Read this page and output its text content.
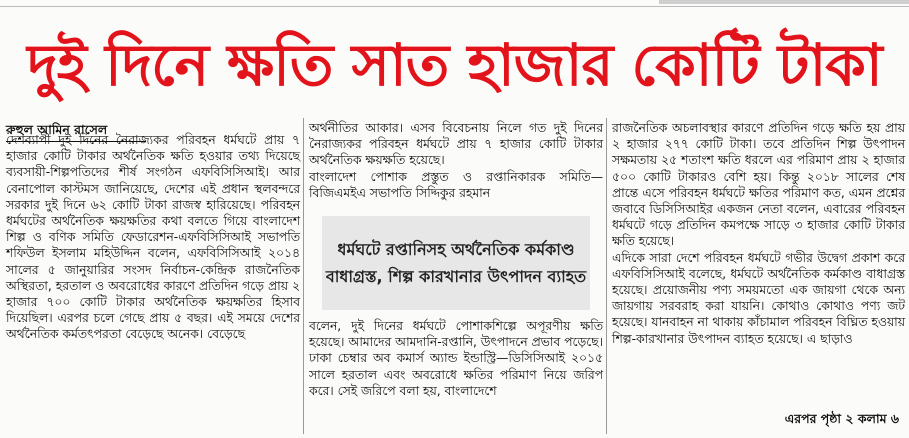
দুই দিনে ক্ষতি সাত হাজার কোটি টাকা
রুহুল আমিন রাসেল

দেশব্যাপী দুই দিনের নৈরাজ্যকর পরিবহন ধর্মঘটে প্রায় ৭ হাজার কোটি টাকার অর্থনৈতিক ক্ষতি হওয়ার তথ্য দিয়েছে ব্যবসায়ী-শিল্পপতিদের শীর্ষ সংগঠন এফবিসিসিআই। আর বেনাপোল কাস্টমস জানিয়েছে, দেশের এই প্রধান স্থলবন্দরে সরকার দুই দিনে ৬২ কোটি টাকা রাজস্ব হারিয়েছে। পরিবহন ধর্মঘটের অর্থনৈতিক ক্ষয়ক্ষতির কথা বলতে গিয়ে বাংলাদেশ শিল্প ও বণিক সমিতি ফেডারেশন-এফবিসিসিআই সভাপতি শফিউল ইসলাম মহিউদ্দিন বলেন, এফবিসিসিআই ২০১৪ সালের ৫ জানুয়ারির সংসদ নির্বাচন-কেন্দ্রিক রাজনৈতিক অস্থিরতা, হরতাল ও অবরোধের কারণে প্রতিদিন গড়ে প্রায় ২ হাজার ৭০০ কোটি টাকার অর্থনৈতিক ক্ষয়ক্ষতির হিসাব দিয়েছিল। এরপর চলে গেছে প্রায় ৫ বছর। এই সময়ে দেশের অর্থনৈতিক কর্মতৎপরতা বেড়েছে অনেক। বেড়েছে

অর্থনীতির আকার। এসব বিবেচনায় নিলে গত দুই দিনের নৈরাজ্যকর পরিবহন ধর্মঘটে প্রায় ৭ হাজার কোটি টাকার অর্থনৈতিক ক্ষয়ক্ষতি হয়েছে।

বাংলাদেশ পোশাক প্রস্তুত ও রপ্তানিকারক সমিতি—বিজিএমইএ সভাপতি সিদ্দিকুর রহমান

ধর্মঘটে রপ্তানিসহ অর্থনৈতিক কর্মকাণ্ড বাধাগ্রস্ত, শিল্প কারখানার উৎপাদন ব্যাহত

বলেন, দুই দিনের ধর্মঘটে পোশাকশিল্পে অপূরণীয় ক্ষতি হয়েছে। আমাদের আমদানি-রপ্তানি, উৎপাদনে প্রভাব পড়েছে।

ঢাকা চেম্বার অব কমার্স অ্যান্ড ইন্ডাস্ট্রি—ডিসিসিআই ২০১৫ সালে হরতাল এবং অবরোধে ক্ষতির পরিমাণ নিয়ে জরিপ করে। সেই জরিপে বলা হয়, বাংলাদেশে

রাজনৈতিক অচলাবস্থার কারণে প্রতিদিন গড়ে ক্ষতি হয় প্রায় ২ হাজার ২৭৭ কোটি টাকা। তবে প্রতিদিন শিল্প উৎপাদন সক্ষমতায় ২৫ শতাংশ ক্ষতি ধরলে এর পরিমাণ প্রায় ২ হাজার ৫০০ কোটি টাকারও বেশি হয়। কিন্তু ২০১৮ সালের শেষ প্রান্তে এসে পরিবহন ধর্মঘটে ক্ষতির পরিমাণ কত, এমন প্রশ্নের জবাবে ডিসিসিআইর একজন নেতা বলেন, এবারের পরিবহন ধর্মঘটে গড়ে প্রতিদিন কমপক্ষে সাড়ে ৩ হাজার কোটি টাকার ক্ষতি হয়েছে।

এদিকে সারা দেশে পরিবহন ধর্মঘটে গভীর উদ্বেগ প্রকাশ করে এফবিসিসিআই বলেছে, ধর্মঘটে অর্থনৈতিক কর্মকাণ্ড বাধাগ্রস্ত হয়েছে। প্রয়োজনীয় পণ্য সময়মতো এক জায়গা থেকে অন্য জায়গায় সরবরাহ করা যায়নি। কোথাও কোথাও পণ্য জট হয়েছে। যানবাহন না থাকায় কাঁচামাল পরিবহন বিঘ্নিত হওয়ায় শিল্প-কারখানার উৎপাদন ব্যাহত হয়েছে। এ ছাড়াও

এরপর পৃষ্ঠা ২ কলাম ৬
